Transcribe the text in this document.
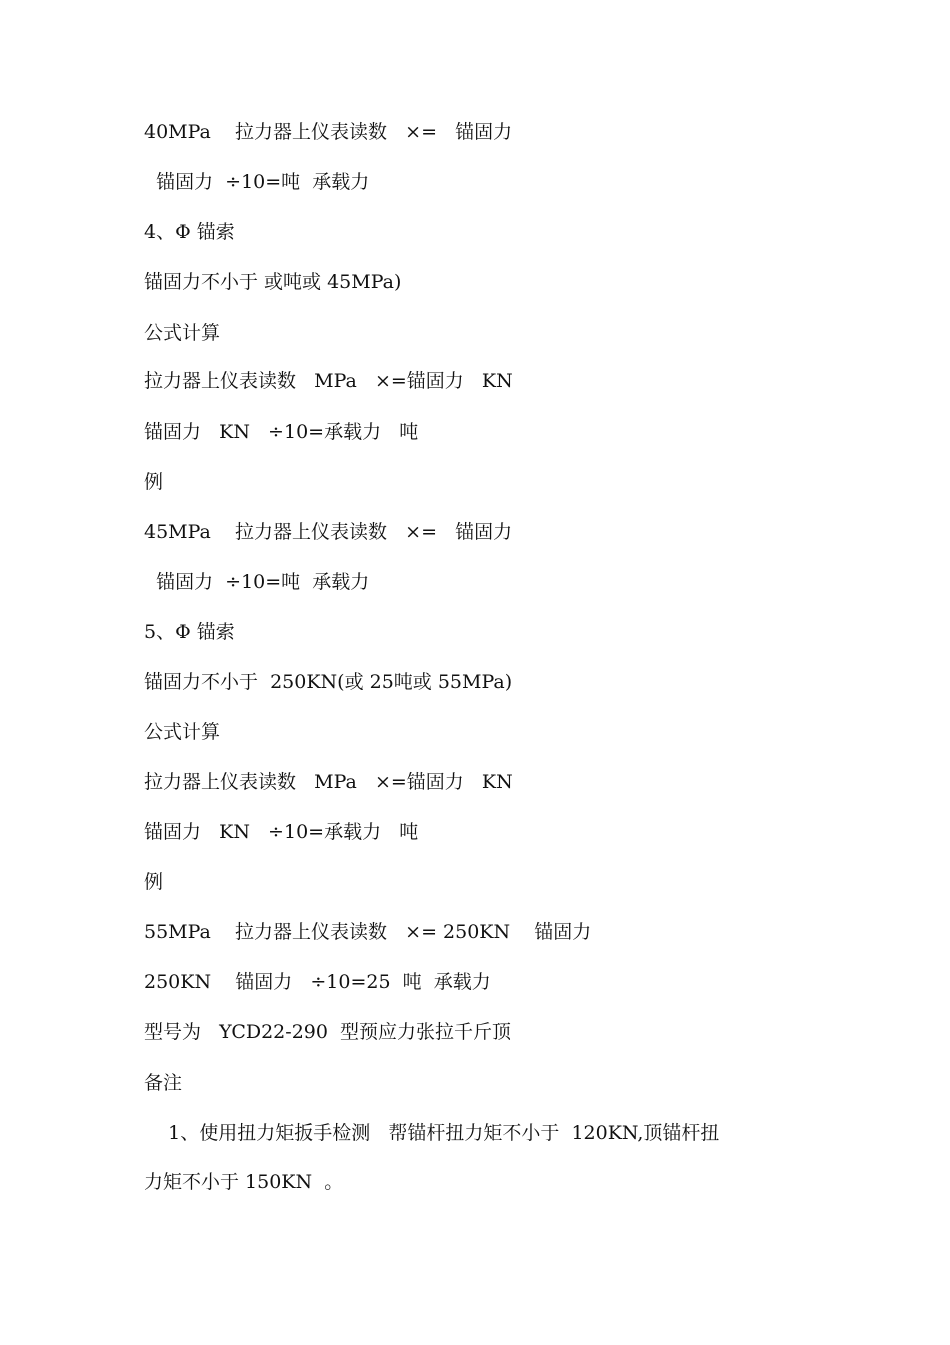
40MPa    拉力器上仪表读数   ×=   锚固力
锚固力  ÷10=吨  承载力
4、Φ 锚索
锚固力不小于 或吨或 45MPa)
公式计算
拉力器上仪表读数   MPa   ×=锚固力   KN
锚固力   KN   ÷10=承载力   吨
例
45MPa    拉力器上仪表读数   ×=   锚固力
锚固力  ÷10=吨  承载力
5、Φ 锚索
锚固力不小于  250KN(或 25吨或 55MPa)
公式计算
拉力器上仪表读数   MPa   ×=锚固力   KN
锚固力   KN   ÷10=承载力   吨
例
55MPa    拉力器上仪表读数   ×= 250KN    锚固力
250KN    锚固力   ÷10=25  吨  承载力
型号为   YCD22-290  型预应力张拉千斤顶
备注
1、使用扭力矩扳手检测   帮锚杆扭力矩不小于  120KN,顶锚杆扭
力矩不小于 150KN  。
